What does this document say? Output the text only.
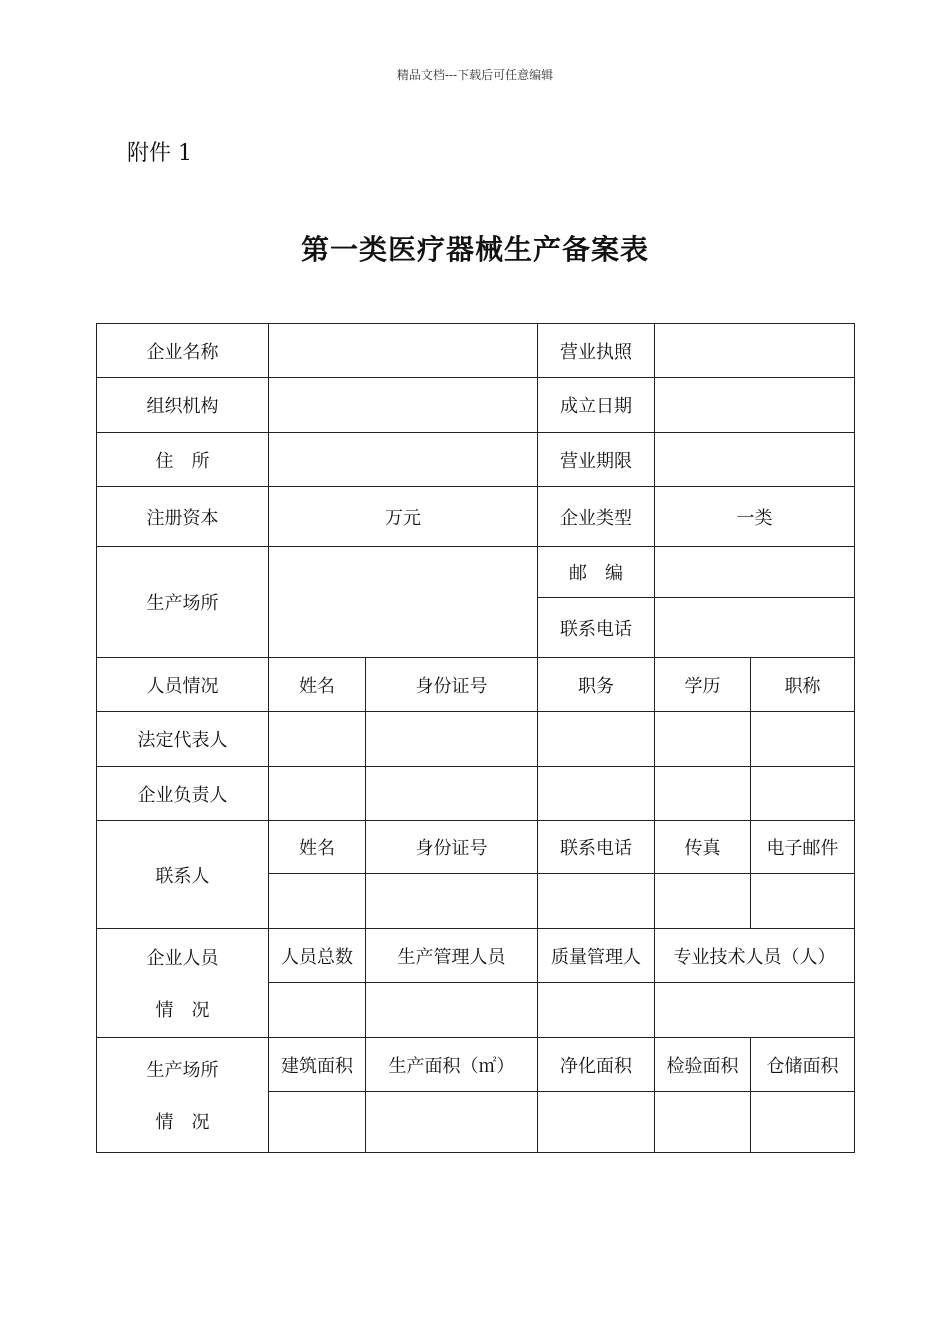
精品文档---下载后可任意编辑
附件 1
第一类医疗器械生产备案表
企业名称			营业执照		
组织机构			成立日期		
住　所			营业期限		
注册资本	万元		企业类型	一类	
生产场所			邮　编		
			联系电话		
人员情况	姓名	身份证号	职务	学历	职称
法定代表人					
企业负责人					
联系人	姓名	身份证号	联系电话	传真	电子邮件

企业人员
情　况	人员总数	生产管理人员	质量管理人	专业技术人员（人）	

生产场所
情　况	建筑面积	生产面积（㎡）	净化面积	检验面积	仓储面积
